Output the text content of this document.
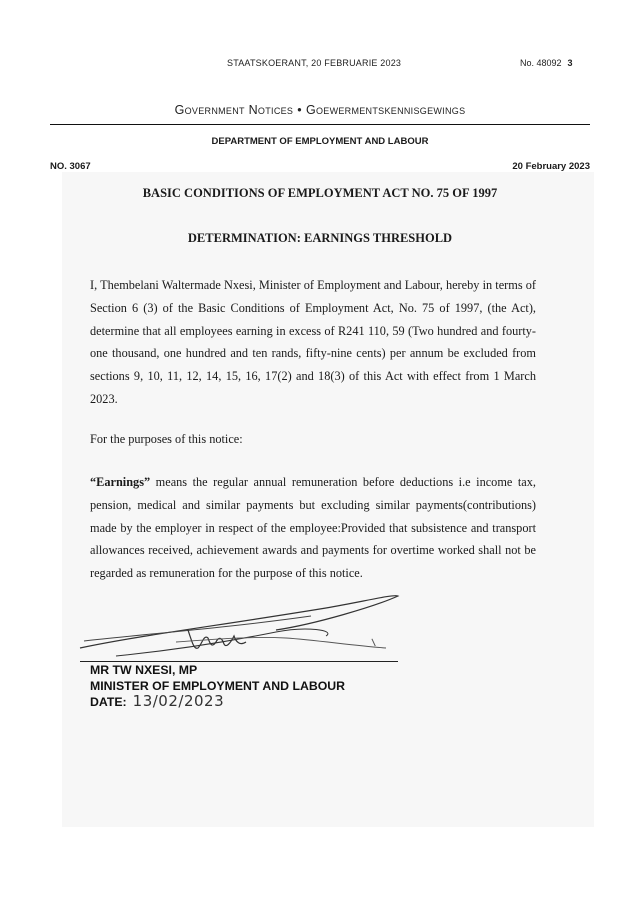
STAATSKOERANT, 20 FEBRUARIE 2023	No. 48092 3
Government Notices • Goewermentskennisgewings
DEPARTMENT OF EMPLOYMENT AND LABOUR
NO. 3067	20 February 2023
BASIC CONDITIONS OF EMPLOYMENT ACT NO. 75 OF 1997
DETERMINATION: EARNINGS THRESHOLD
I, Thembelani Waltermade Nxesi, Minister of Employment and Labour, hereby in terms of Section 6 (3) of the Basic Conditions of Employment Act, No. 75 of 1997, (the Act), determine that all employees earning in excess of R241 110, 59 (Two hundred and fourty-one thousand, one hundred and ten rands, fifty-nine cents) per annum be excluded from sections 9, 10, 11, 12, 14, 15, 16, 17(2) and 18(3) of this Act with effect from 1 March 2023.
For the purposes of this notice:
“Earnings” means the regular annual remuneration before deductions i.e income tax, pension, medical and similar payments but excluding similar payments(contributions) made by the employer in respect of the employee:Provided that subsistence and transport allowances received, achievement awards and payments for overtime worked shall not be regarded as remuneration for the purpose of this notice.
MR TW NXESI, MP
MINISTER OF EMPLOYMENT AND LABOUR
DATE: 13/02/2023
